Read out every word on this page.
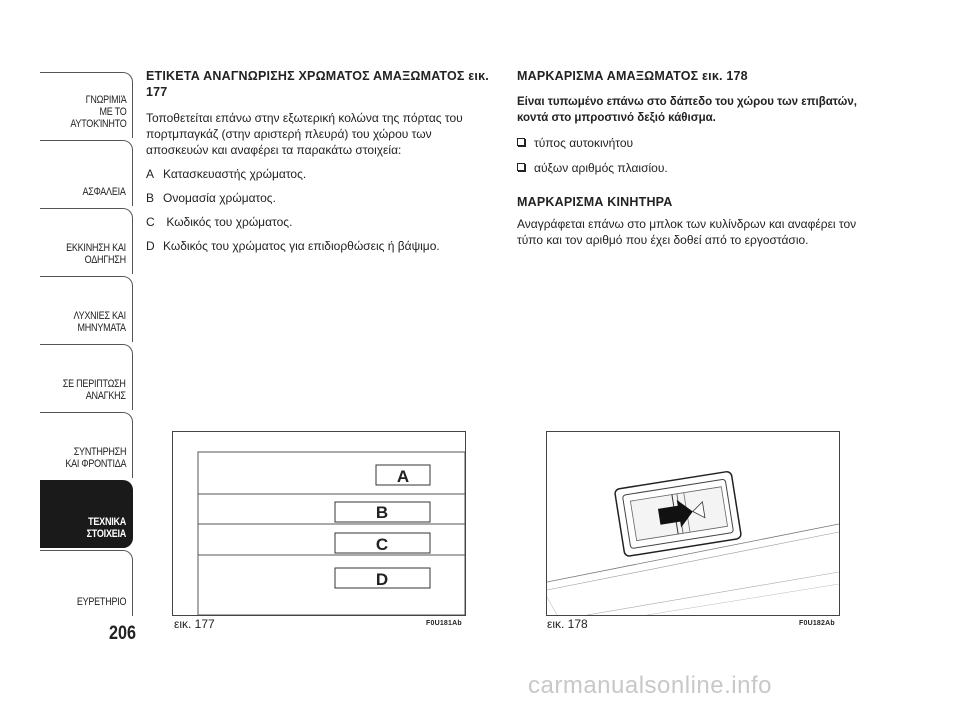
ΓΝΩΡΙΜΙΆ
ΜΕ ΤΟ
ΑΥΤΟΚΊΝΗΤΟ
ΑΣΦΑΛΕΙΑ
ΕΚΚΙΝΗΣΗ ΚΑΙ
ΟΔΗΓΗΣΗ
ΛΥΧΝΙΕΣ ΚΑΙ
ΜΗΝΥΜΑΤΑ
ΣΕ ΠΕΡΙΠΤΩΣΗ
ΑΝΑΓΚΗΣ
ΣΥΝΤΗΡΗΣΗ
ΚΑΙ ΦΡΟΝΤΙΔΑ
ΤΕΧΝΙΚΑ
ΣΤΟΙΧΕΙΑ
ΕΥΡΕΤΗΡΙΟ
206
ΕΤΙΚΕΤΑ ΑΝΑΓΝΩΡΙΣΗΣ ΧΡΩΜΑΤΟΣ ΑΜΑΞΩΜΑΤΟΣ εικ. 177
Τοποθετείται επάνω στην εξωτερική κολώνα της πόρτας του πορτμπαγκάζ (στην αριστερή πλευρά) του χώρου των αποσκευών και αναφέρει τα παρακάτω στοιχεία:
A Κατασκευαστής χρώματος.
B Ονομασία χρώματος.
C Κωδικός του χρώματος.
D Κωδικός του χρώματος για επιδιορθώσεις ή βάψιμο.
ΜΑΡΚΑΡΙΣΜΑ ΑΜΑΞΩΜΑΤΟΣ εικ. 178
Είναι τυπωμένο επάνω στο δάπεδο του χώρου των επιβατών, κοντά στο μπροστινό δεξιό κάθισμα.
τύπος αυτοκινήτου
αύξων αριθμός πλαισίου.
ΜΑΡΚΑΡΙΣΜΑ ΚΙΝΗΤΗΡΑ
Αναγράφεται επάνω στο μπλοκ των κυλίνδρων και αναφέρει τον τύπο και τον αριθμό που έχει δοθεί από το εργοστάσιο.
A
B
C
D
εικ. 177	F0U181Ab	εικ. 178	F0U182Ab
carmanualsonline.info
